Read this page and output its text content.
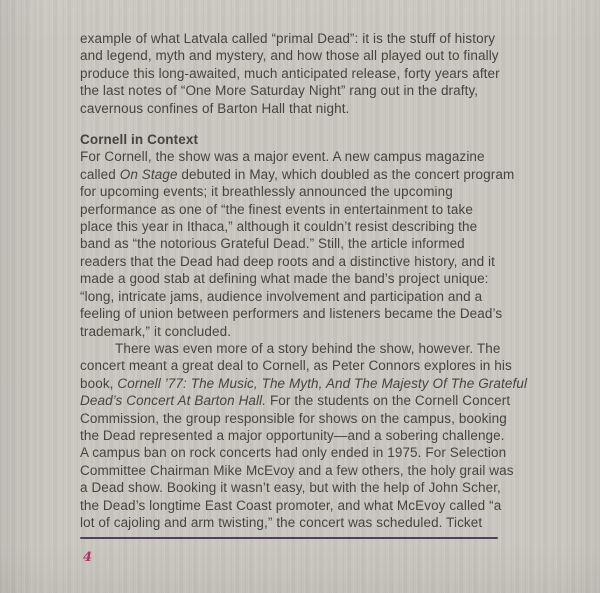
example of what Latvala called “primal Dead”: it is the stuff of history
and legend, myth and mystery, and how those all played out to finally
produce this long-awaited, much anticipated release, forty years after
the last notes of “One More Saturday Night” rang out in the drafty,
cavernous confines of Barton Hall that night.
Cornell in Context
For Cornell, the show was a major event. A new campus magazine
called On Stage debuted in May, which doubled as the concert program
for upcoming events; it breathlessly announced the upcoming
performance as one of “the finest events in entertainment to take
place this year in Ithaca,” although it couldn’t resist describing the
band as “the notorious Grateful Dead.” Still, the article informed
readers that the Dead had deep roots and a distinctive history, and it
made a good stab at defining what made the band’s project unique:
“long, intricate jams, audience involvement and participation and a
feeling of union between performers and listeners became the Dead’s
trademark,” it concluded.
There was even more of a story behind the show, however. The
concert meant a great deal to Cornell, as Peter Connors explores in his
book, Cornell ’77: The Music, The Myth, And The Majesty Of The Grateful
Dead’s Concert At Barton Hall. For the students on the Cornell Concert
Commission, the group responsible for shows on the campus, booking
the Dead represented a major opportunity—and a sobering challenge.
A campus ban on rock concerts had only ended in 1975. For Selection
Committee Chairman Mike McEvoy and a few others, the holy grail was
a Dead show. Booking it wasn’t easy, but with the help of John Scher,
the Dead’s longtime East Coast promoter, and what McEvoy called “a
lot of cajoling and arm twisting,” the concert was scheduled. Ticket
4
